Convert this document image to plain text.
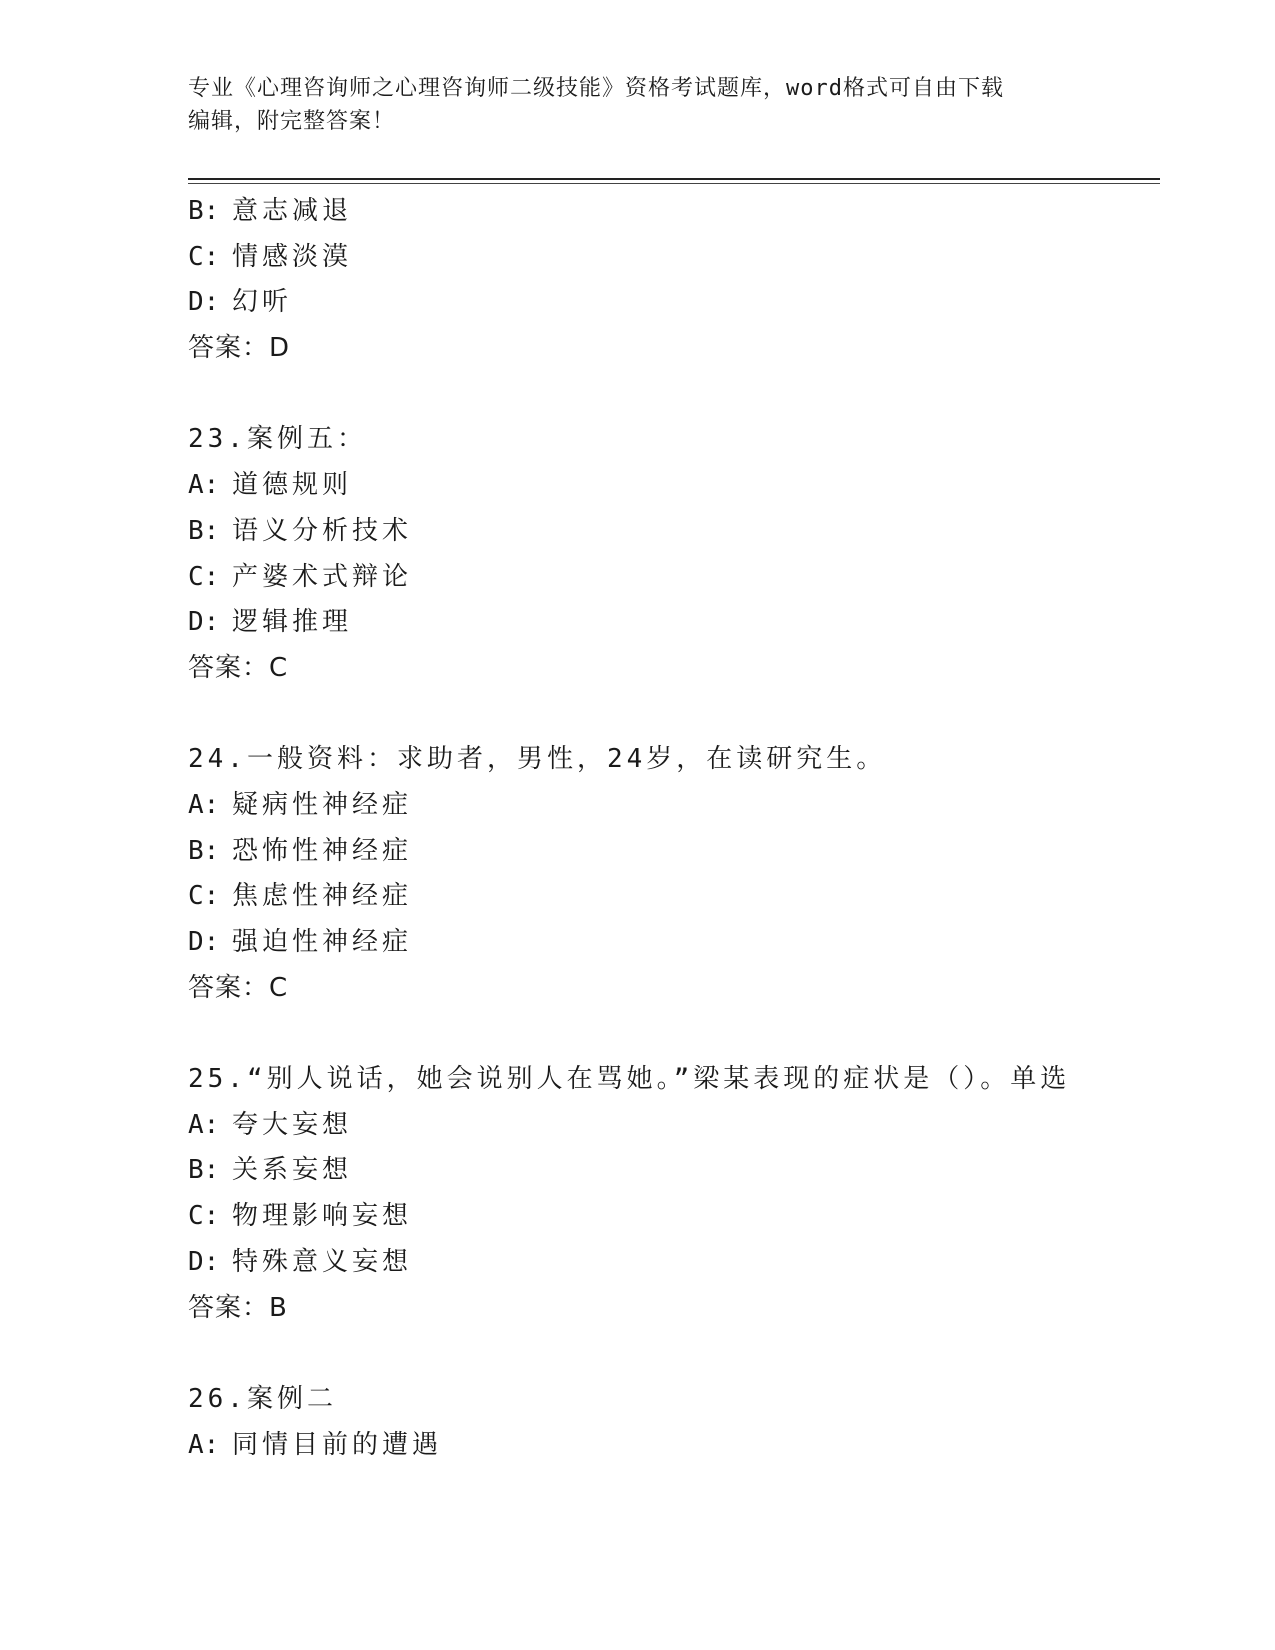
专业《心理咨询师之心理咨询师二级技能》资格考试题库，word格式可自由下载
编辑，附完整答案！
B: 意志减退
C: 情感淡漠
D: 幻听
答案：D
23.案例五：
A: 道德规则
B: 语义分析技术
C: 产婆术式辩论
D: 逻辑推理
答案：C
24.一般资料：求助者，男性，24岁，在读研究生。
A: 疑病性神经症
B: 恐怖性神经症
C: 焦虑性神经症
D: 强迫性神经症
答案：C
25.“别人说话，她会说别人在骂她。”梁某表现的症状是（）。单选
A: 夸大妄想
B: 关系妄想
C: 物理影响妄想
D: 特殊意义妄想
答案：B
26.案例二
A: 同情目前的遭遇
